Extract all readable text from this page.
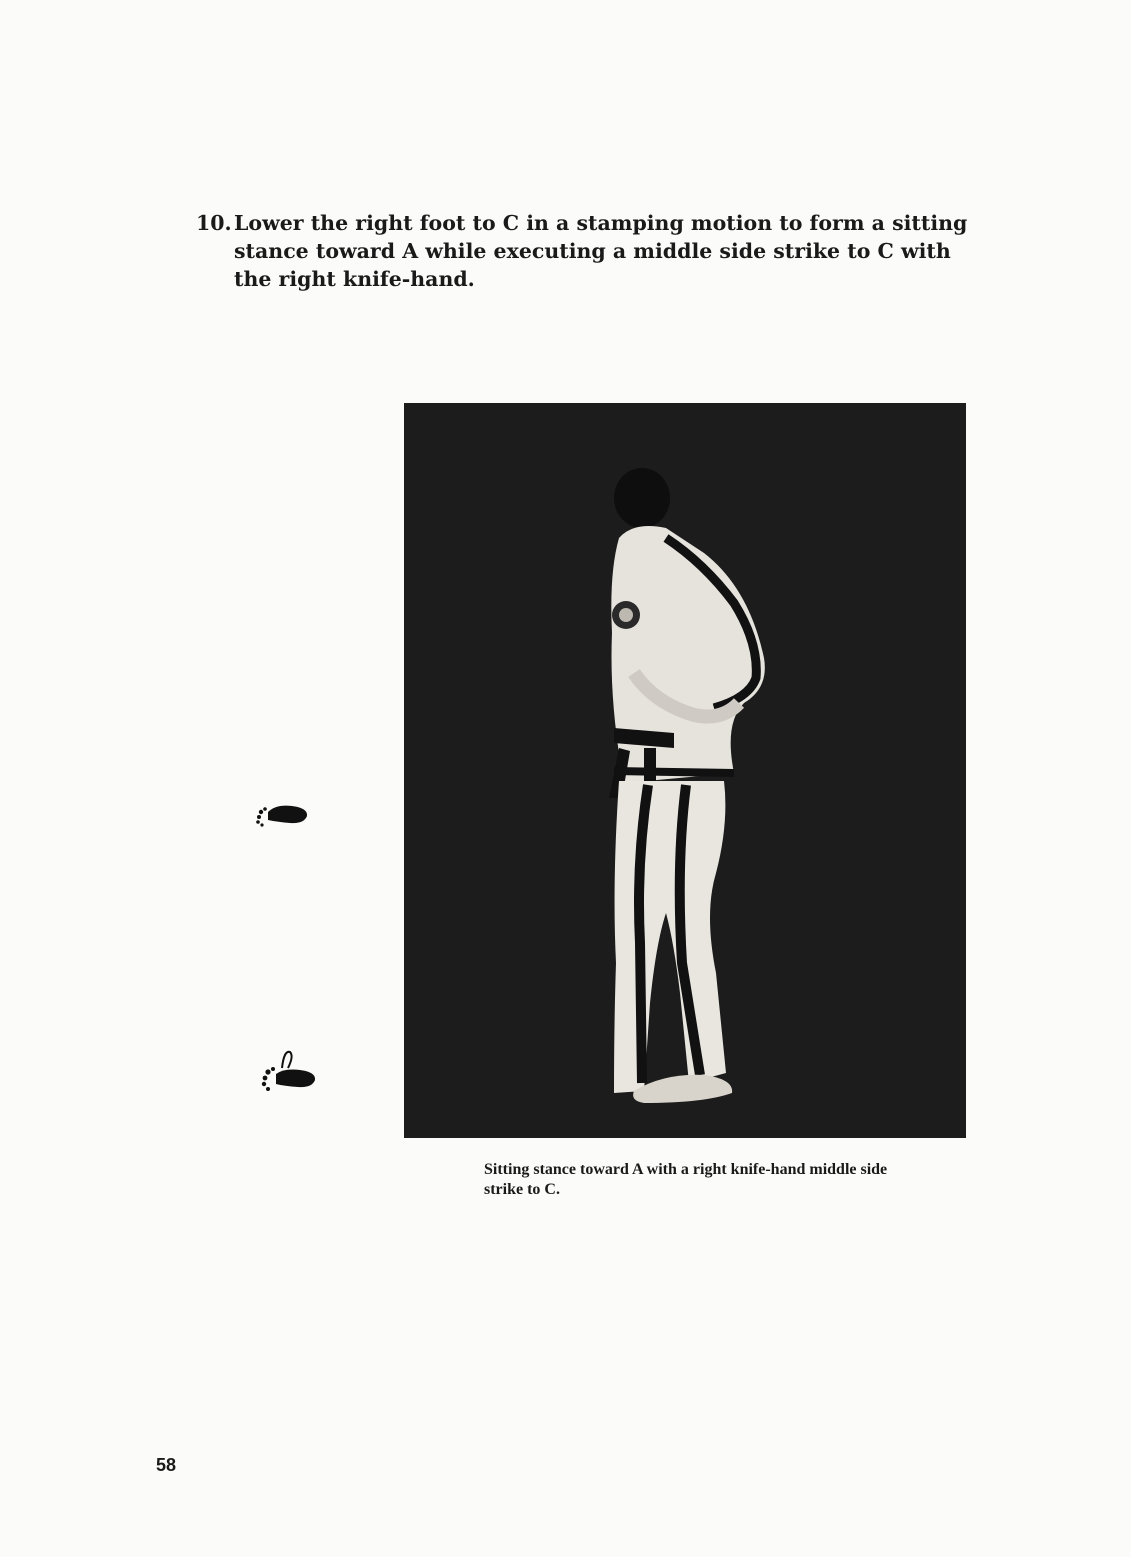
10. Lower the right foot to C in a stamping motion to form a sitting stance toward A while executing a middle side strike to C with the right knife-hand.
Sitting stance toward A with a right knife-hand middle side strike to C.
58
